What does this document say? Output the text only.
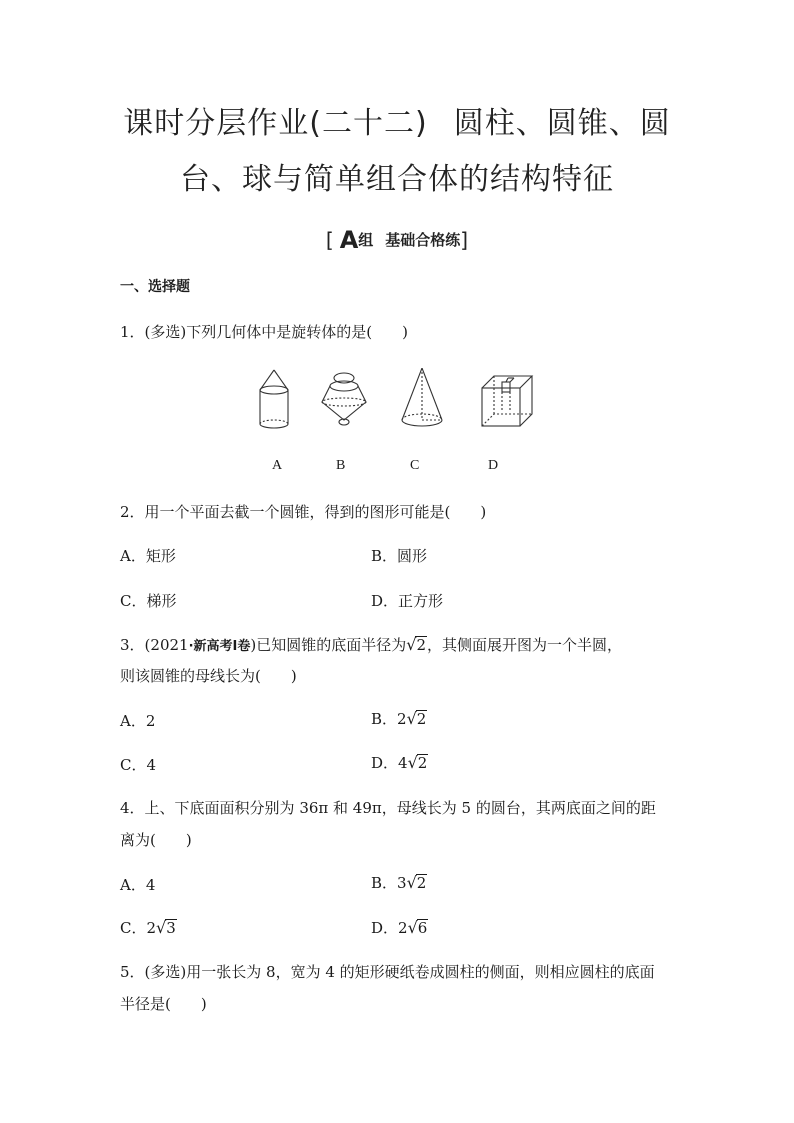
课时分层作业(二十二) 圆柱、圆锥、圆
台、球与简单组合体的结构特征
[ A组 基础合格练]
一、选择题
1．(多选)下列几何体中是旋转体的是(　　)
A	B	C	D
2．用一个平面去截一个圆锥，得到的图形可能是(　　)
A．矩形	B．圆形
C．梯形	D．正方形
3．(2021·新高考Ⅰ卷)已知圆锥的底面半径为√2，其侧面展开图为一个半圆，
则该圆锥的母线长为(　　)
A．2	B．2√2
C．4	D．4√2
4．上、下底面面积分别为 36π 和 49π，母线长为 5 的圆台，其两底面之间的距
离为(　　)
A．4	B．3√2
C．2√3	D．2√6
5．(多选)用一张长为 8，宽为 4 的矩形硬纸卷成圆柱的侧面，则相应圆柱的底面
半径是(　　)
